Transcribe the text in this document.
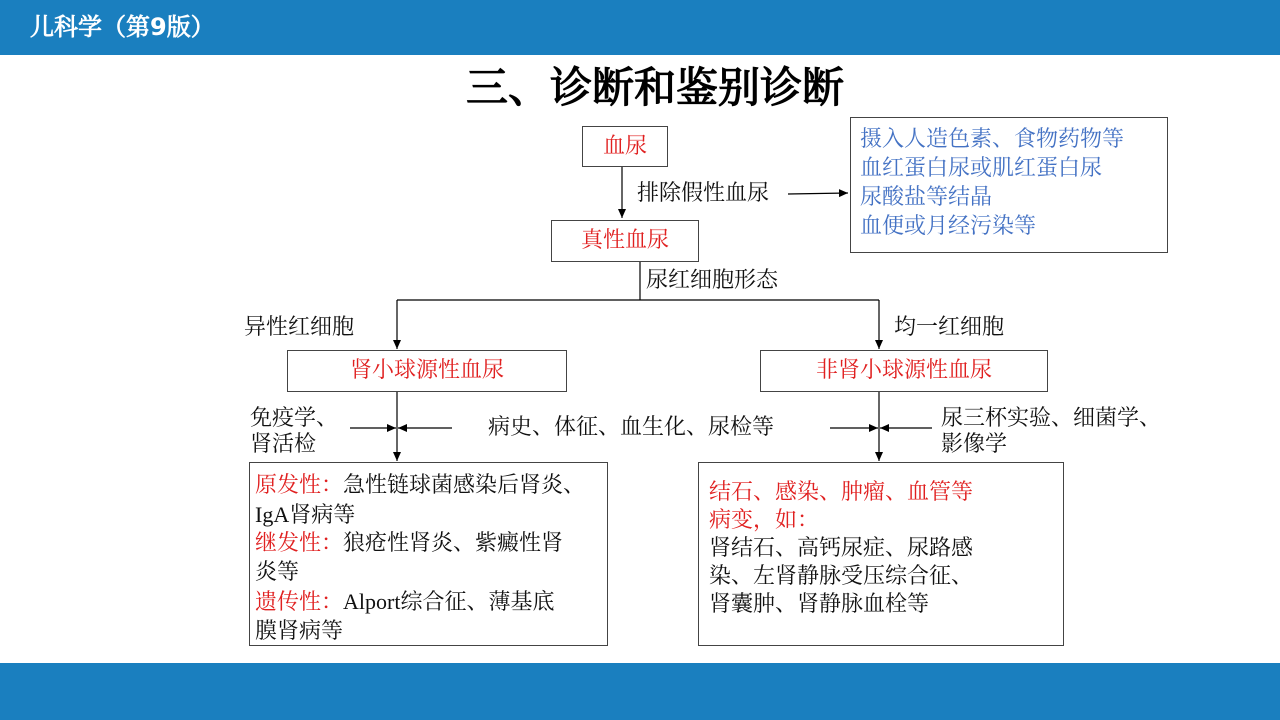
儿科学（第9版）
三、诊断和鉴别诊断
血尿
排除假性血尿
摄入人造色素、食物药物等
血红蛋白尿或肌红蛋白尿
尿酸盐等结晶
血便或月经污染等
真性血尿
尿红细胞形态
异性红细胞	均一红细胞
肾小球源性血尿	非肾小球源性血尿
免疫学、
肾活检
病史、体征、血生化、尿检等	尿三杯实验、细菌学、
影像学
原发性：急性链球菌感染后肾炎、
IgA肾病等
继发性：狼疮性肾炎、紫癜性肾
炎等
遗传性：Alport综合征、薄基底
膜肾病等
结石、感染、肿瘤、血管等
病变，如：
肾结石、高钙尿症、尿路感
染、左肾静脉受压综合征、
肾囊肿、肾静脉血栓等
